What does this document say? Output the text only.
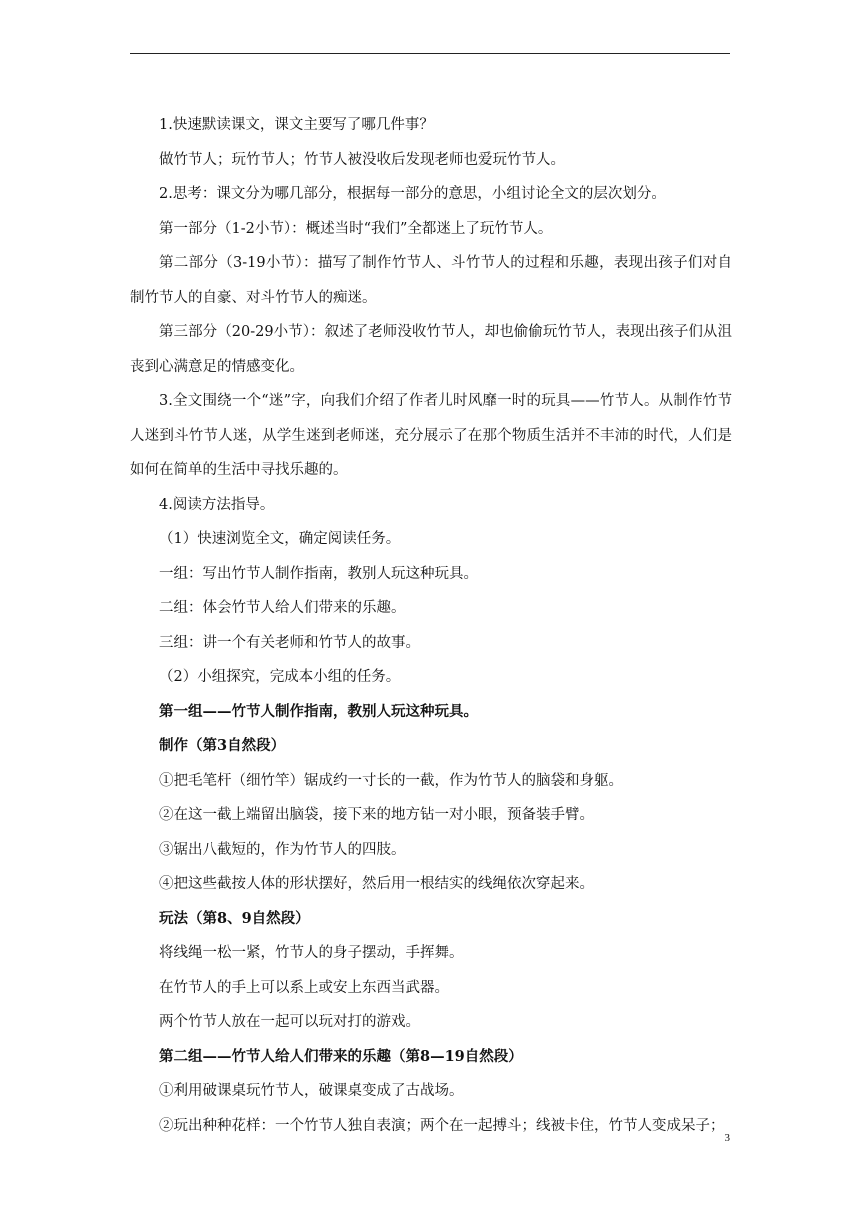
1.快速默读课文，课文主要写了哪几件事？

做竹节人；玩竹节人；竹节人被没收后发现老师也爱玩竹节人。

2.思考：课文分为哪几部分，根据每一部分的意思，小组讨论全文的层次划分。

第一部分（1-2小节）：概述当时“我们”全都迷上了玩竹节人。

第二部分（3-19小节）：描写了制作竹节人、斗竹节人的过程和乐趣，表现出孩子们对自制竹节人的自豪、对斗竹节人的痴迷。

第三部分（20-29小节）：叙述了老师没收竹节人，却也偷偷玩竹节人，表现出孩子们从沮丧到心满意足的情感变化。

3.全文围绕一个“迷”字，向我们介绍了作者儿时风靡一时的玩具——竹节人。从制作竹节人迷到斗竹节人迷，从学生迷到老师迷，充分展示了在那个物质生活并不丰沛的时代，人们是如何在简单的生活中寻找乐趣的。

4.阅读方法指导。

（1）快速浏览全文，确定阅读任务。

一组：写出竹节人制作指南，教别人玩这种玩具。

二组：体会竹节人给人们带来的乐趣。

三组：讲一个有关老师和竹节人的故事。

（2）小组探究，完成本小组的任务。

第一组——竹节人制作指南，教别人玩这种玩具。

制作（第3自然段）

①把毛笔杆（细竹竿）锯成约一寸长的一截，作为竹节人的脑袋和身躯。

②在这一截上端留出脑袋，接下来的地方钻一对小眼，预备装手臂。

③锯出八截短的，作为竹节人的四肢。

④把这些截按人体的形状摆好，然后用一根结实的线绳依次穿起来。

玩法（第8、9自然段）

将线绳一松一紧，竹节人的身子摆动，手挥舞。

在竹节人的手上可以系上或安上东西当武器。

两个竹节人放在一起可以玩对打的游戏。

第二组——竹节人给人们带来的乐趣（第8—19自然段）

①利用破课桌玩竹节人，破课桌变成了古战场。

②玩出种种花样：一个竹节人独自表演；两个在一起搏斗；线被卡住，竹节人变成呆子；

3
